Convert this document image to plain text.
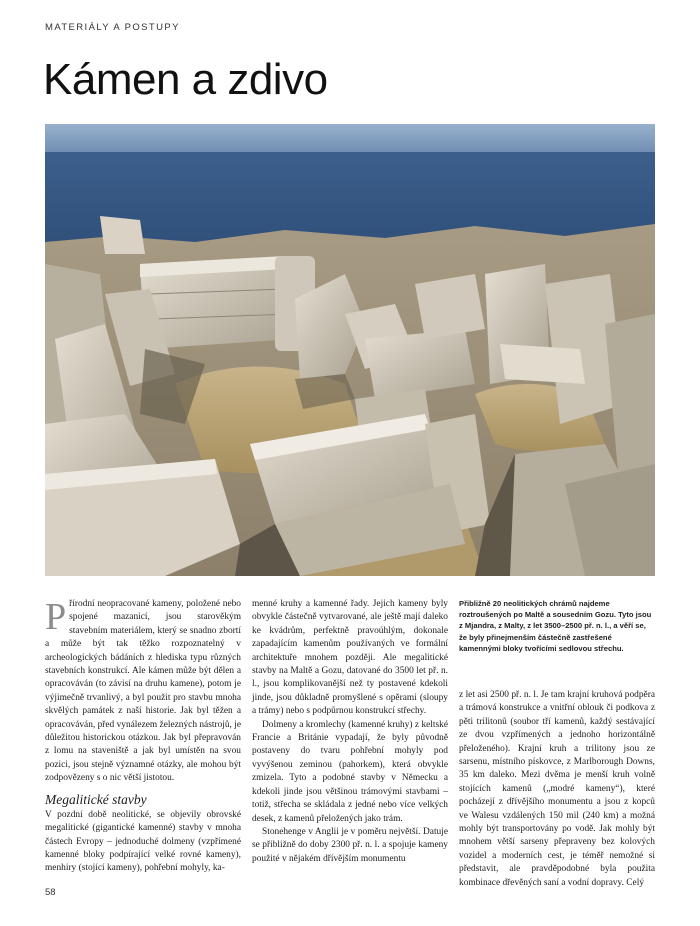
MATERIÁLY A POSTUPY
Kámen a zdivo

Přírodní neopracované kameny, položené nebo spojené mazanicí, jsou starověkým stavebním materiálem, který se snadno zbortí a může být tak těžko rozpoznatelný v archeologických bádáních z hlediska typu různých stavebních konstrukcí. Ale kámen může být dělen a opracováván (to závisí na druhu kamene), potom je výjimečně trvanlivý, a byl použit pro stavbu mnoha skvělých památek z naší historie. Jak byl těžen a opracováván, před vynálezem železných nástrojů, je důležitou historickou otázkou. Jak byl přepravován z lomu na staveniště a jak byl umístěn na svou pozici, jsou stejně významné otázky, ale mohou být zodpovězeny s o nic větší jistotou.

Megalitické stavby

V pozdní době neolitické, se objevily obrovské megalitické (gigantické kamenné) stavby v mnoha částech Evropy – jednoduché dolmeny (vzpřímené kamenné bloky podpírající velké rovné kameny), menhiry (stojící kameny), pohřební mohyly, ka-

menné kruhy a kamenné řady. Jejich kameny byly obvykle částečně vytvarované, ale ještě mají daleko ke kvádrům, perfektně pravoúhlým, dokonale zapadajícím kamenům používaných ve formální architektuře mnohem později. Ale megalitické stavby na Maltě a Gozu, datované do 3500 let př. n. l., jsou komplikovanější než ty postavené kdekoli jinde, jsou důkladně promyšlené s opěrami (sloupy a trámy) nebo s podpůrnou konstrukcí střechy.

Dolmeny a kromlechy (kamenné kruhy) z keltské Francie a Británie vypadají, že byly původně postaveny do tvaru pohřební mohyly pod vyvýšenou zeminou (pahorkem), která obvykle zmizela. Tyto a podobné stavby v Německu a kdekoli jinde jsou většinou trámovými stavbami – totiž, střecha se skládala z jedné nebo více velkých desek, z kamenů přeložených jako trám.

Stonehenge v Anglii je v poměru největší. Datuje se přibližně do doby 2300 př. n. l. a spojuje kameny použité v nějakém dřívějším monumentu

Přibližně 20 neolitických chrámů najdeme roztroušených po Maltě a sousedním Gozu. Tyto jsou z Mjandra, z Malty, z let 3500–2500 př. n. l., a věří se, že byly přinejmenším částečně zastřešené kamennými bloky tvořícími sedlovou střechu.

z let asi 2500 př. n. l. Je tam krajní kruhová podpěra a trámová konstrukce a vnitřní oblouk či podkova z pěti trilitonů (soubor tří kamenů, každý sestávající ze dvou vzpřímených a jednoho horizontálně přeloženého). Krajní kruh a trilitony jsou ze sarsenu, místního pískovce, z Marlborough Downs, 35 km daleko. Mezi dvěma je menší kruh volně stojících kamenů („modré kameny“), které pocházejí z dřívějšího monumentu a jsou z kopců ve Walesu vzdálených 150 mil (240 km) a možná mohly být transportovány po vodě. Jak mohly být mnohem větší sarseny přepraveny bez kolových vozidel a moderních cest, je téměř nemožné si představit, ale pravděpodobné byla použita kombinace dřevěných saní a vodní dopravy. Celý

58
